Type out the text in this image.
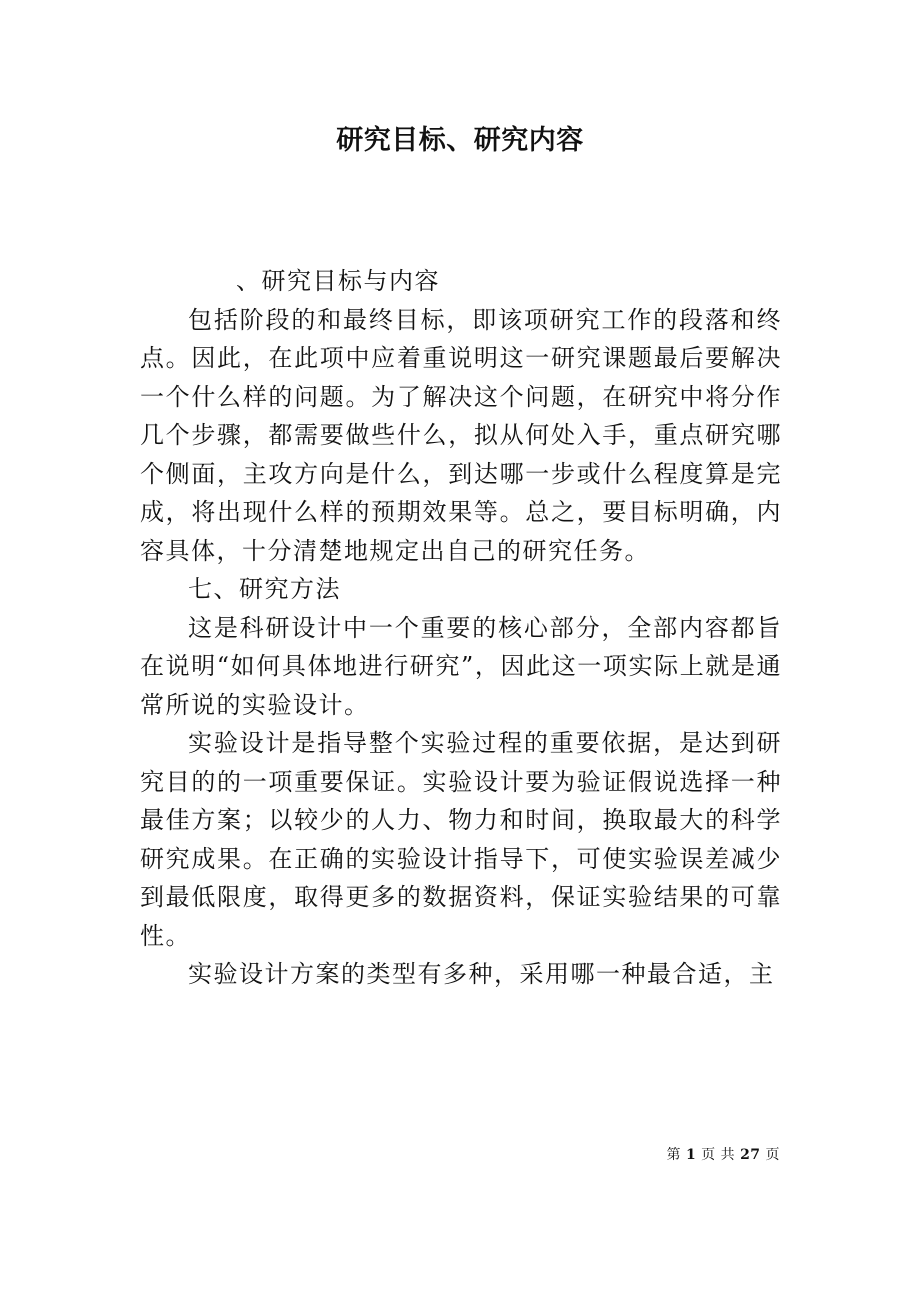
研究目标、研究内容

、研究目标与内容

包括阶段的和最终目标，即该项研究工作的段落和终点。因此，在此项中应着重说明这一研究课题最后要解决一个什么样的问题。为了解决这个问题，在研究中将分作几个步骤，都需要做些什么，拟从何处入手，重点研究哪个侧面，主攻方向是什么，到达哪一步或什么程度算是完成，将出现什么样的预期效果等。总之，要目标明确，内容具体，十分清楚地规定出自己的研究任务。

七、研究方法

这是科研设计中一个重要的核心部分，全部内容都旨在说明“如何具体地进行研究”，因此这一项实际上就是通常所说的实验设计。

实验设计是指导整个实验过程的重要依据，是达到研究目的的一项重要保证。实验设计要为验证假说选择一种最佳方案；以较少的人力、物力和时间，换取最大的科学研究成果。在正确的实验设计指导下，可使实验误差减少到最低限度，取得更多的数据资料，保证实验结果的可靠性。

实验设计方案的类型有多种，采用哪一种最合适，主

第 1 页 共 27 页
